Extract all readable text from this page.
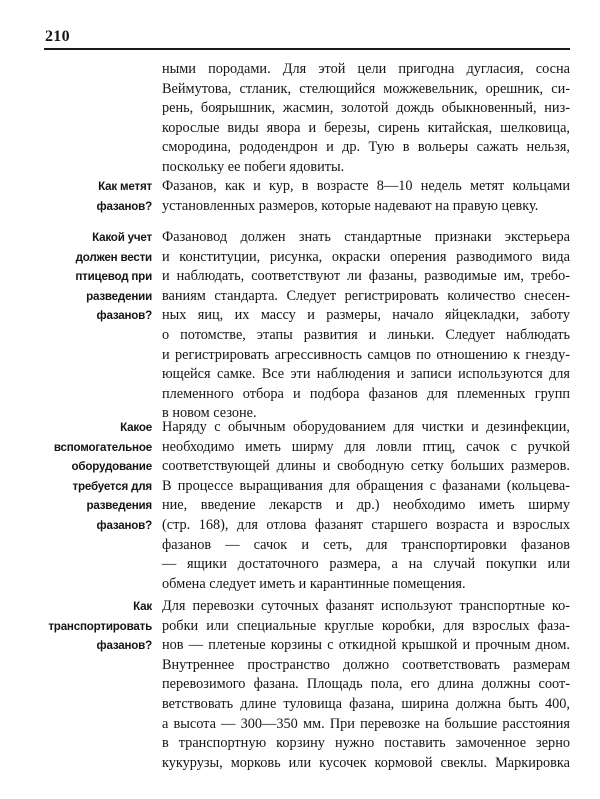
210
ными породами. Для этой цели пригодна дугласия, сосна
Веймутова, стланик, стелющийся можжевельник, орешник, си-
рень, боярышник, жасмин, золотой дождь обыкновенный, низ-
корослые виды явора и березы, сирень китайская, шелковица,
смородина, рододендрон и др. Тую в вольеры сажать нельзя,
поскольку ее побеги ядовиты.
Как метят
фазанов?
Фазанов, как и кур, в возрасте 8—10 недель метят кольцами
установленных размеров, которые надевают на правую цевку.
Какой учет
должен вести
птицевод при
разведении
фазанов?
Фазановод должен знать стандартные признаки экстерьера
и конституции, рисунка, окраски оперения разводимого вида
и наблюдать, соответствуют ли фазаны, разводимые им, требо-
ваниям стандарта. Следует регистрировать количество снесен-
ных яиц, их массу и размеры, начало яйцекладки, заботу
о потомстве, этапы развития и линьки. Следует наблюдать
и регистрировать агрессивность самцов по отношению к гнезду-
ющейся самке. Все эти наблюдения и записи используются для
племенного отбора и подбора фазанов для племенных групп
в новом сезоне.
Какое
вспомогательное
оборудование
требуется для
разведения
фазанов?
Наряду с обычным оборудованием для чистки и дезинфекции,
необходимо иметь ширму для ловли птиц, сачок с ручкой
соответствующей длины и свободную сетку больших размеров.
В процессе выращивания для обращения с фазанами (кольцева-
ние, введение лекарств и др.) необходимо иметь ширму
(стр. 168), для отлова фазанят старшего возраста и взрослых
фазанов — сачок и сеть, для транспортировки фазанов
— ящики достаточного размера, а на случай покупки или
обмена следует иметь и карантинные помещения.
Как
транспортировать
фазанов?
Для перевозки суточных фазанят используют транспортные ко-
робки или специальные круглые коробки, для взрослых фаза-
нов — плетеные корзины с откидной крышкой и прочным дном.
Внутреннее пространство должно соответствовать размерам
перевозимого фазана. Площадь пола, его длина должны соот-
ветствовать длине туловища фазана, ширина должна быть 400,
а высота — 300—350 мм. При перевозке на большие расстояния
в транспортную корзину нужно поставить замоченное зерно
кукурузы, морковь или кусочек кормовой свеклы. Маркировка
